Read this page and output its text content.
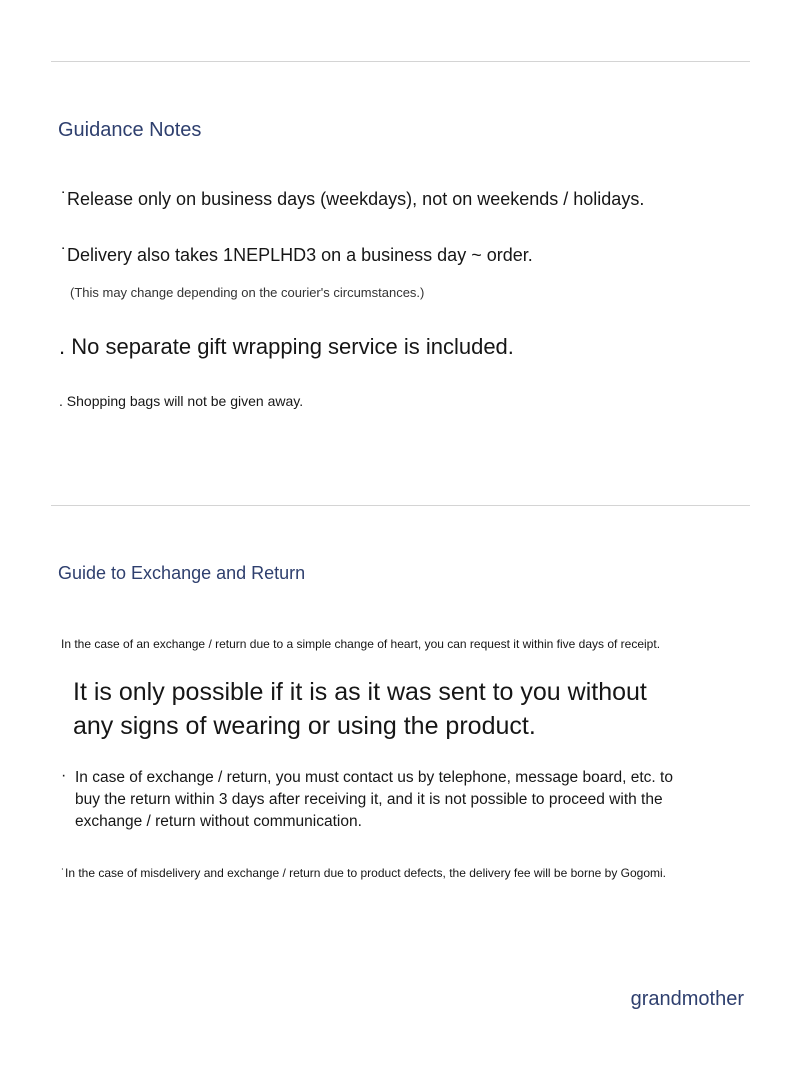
Guidance Notes

˙Release only on business days (weekdays), not on weekends / holidays.

˙Delivery also takes 1NEPLHD3 on a business day ~ order.

(This may change depending on the courier's circumstances.)

. No separate gift wrapping service is included.

. Shopping bags will not be given away.

Guide to Exchange and Return

In the case of an exchange / return due to a simple change of heart, you can request it within five days of receipt.

It is only possible if it is as it was sent to you without
any signs of wearing or using the product.
· In case of exchange / return, you must contact us by telephone, message board, etc. to
buy the return within 3 days after receiving it, and it is not possible to proceed with the
exchange / return without communication.

˙In the case of misdelivery and exchange / return due to product defects, the delivery fee will be borne by Gogomi.

grandmother
